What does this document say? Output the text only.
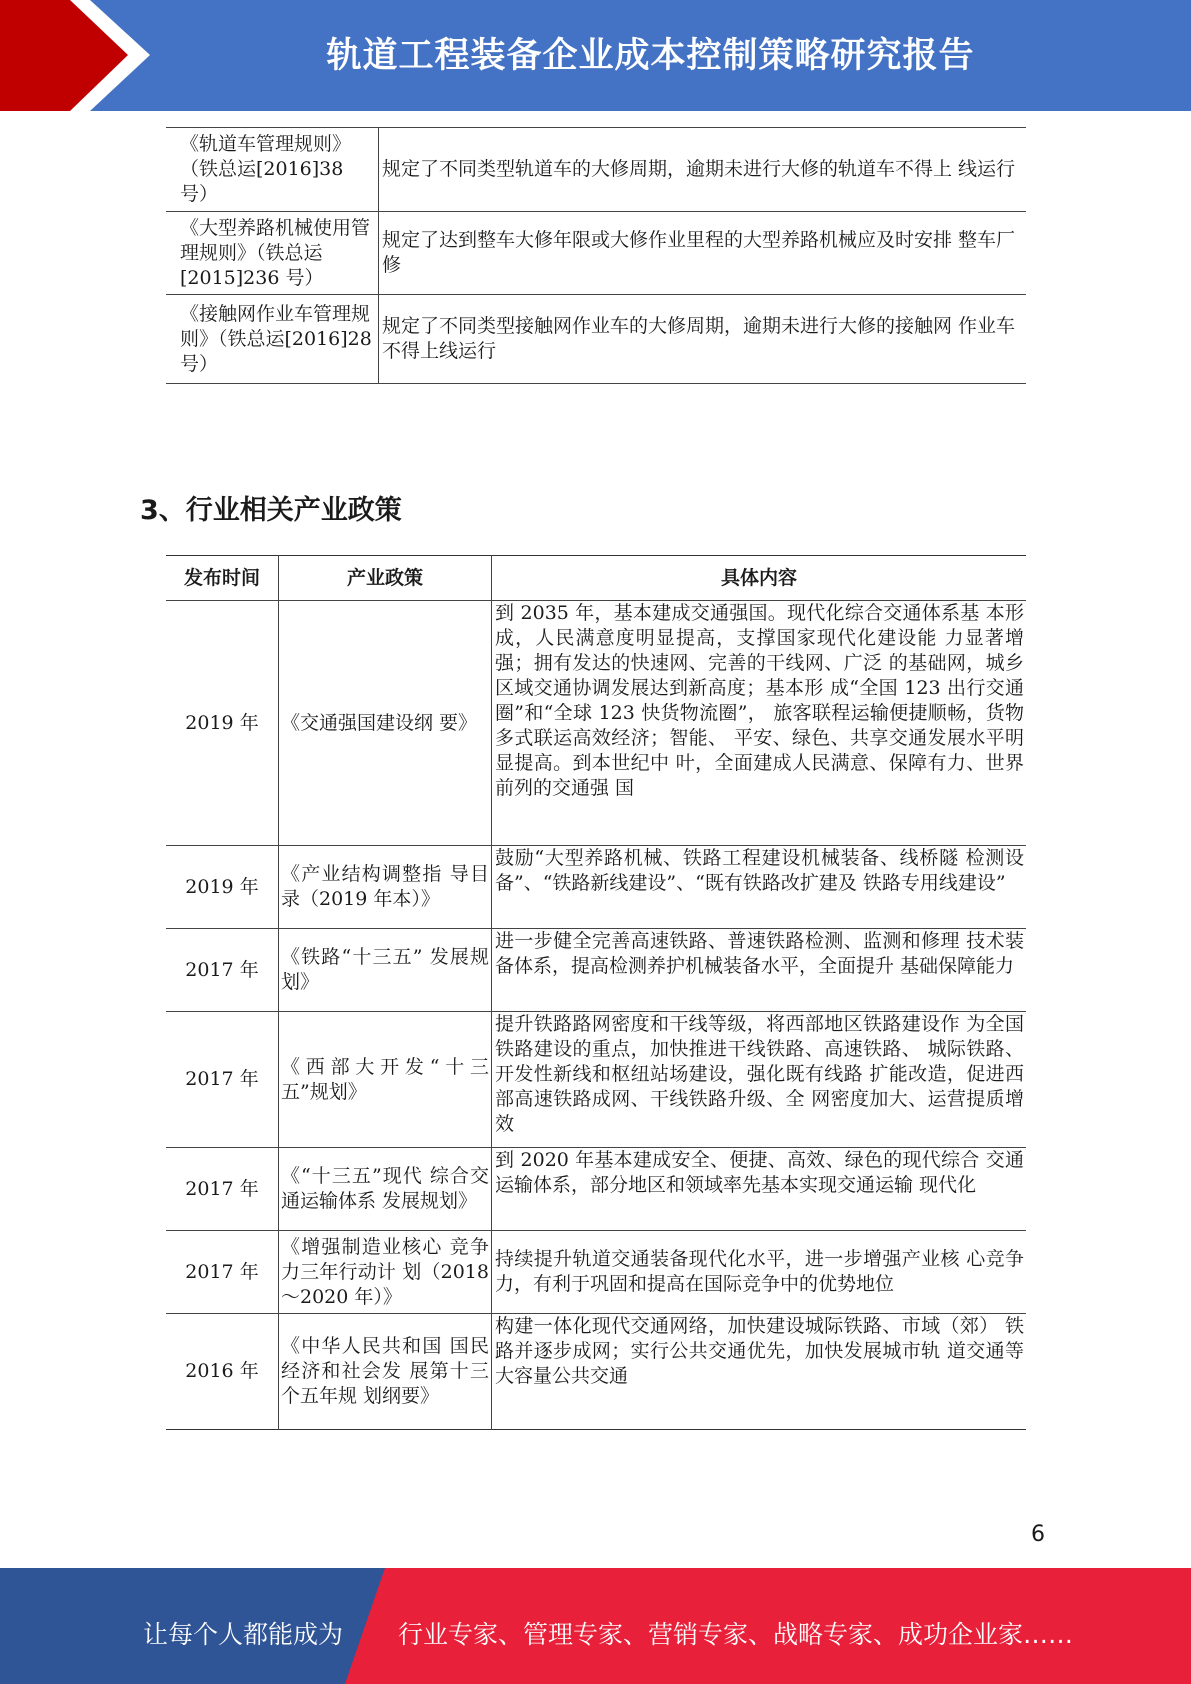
轨道工程装备企业成本控制策略研究报告
《轨道车管理规则》（铁总运[2016]38 号）	规定了不同类型轨道车的大修周期，逾期未进行大修的轨道车不得上 线运行
《大型养路机械使用管理规则》（铁总运[2015]236 号）	规定了达到整车大修年限或大修作业里程的大型养路机械应及时安排 整车厂修
《接触网作业车管理规则》（铁总运[2016]28 号）	规定了不同类型接触网作业车的大修周期，逾期未进行大修的接触网 作业车不得上线运行
3、行业相关产业政策
发布时间	产业政策	具体内容
2019 年	《交通强国建设纲 要》	到 2035 年，基本建成交通强国。现代化综合交通体系基 本形成，人民满意度明显提高，支撑国家现代化建设能 力显著增强；拥有发达的快速网、完善的干线网、广泛 的基础网，城乡区域交通协调发展达到新高度；基本形 成“全国 123 出行交通圈”和“全球 123 快货物流圈”， 旅客联程运输便捷顺畅，货物多式联运高效经济；智能、 平安、绿色、共享交通发展水平明显提高。到本世纪中 叶，全面建成人民满意、保障有力、世界前列的交通强 国
2019 年	《产业结构调整指 导目录（2019 年本）》	鼓励“大型养路机械、铁路工程建设机械装备、线桥隧 检测设备”、“铁路新线建设”、“既有铁路改扩建及 铁路专用线建设”
2017 年	《铁路“十三五” 发展规划》	进一步健全完善高速铁路、普速铁路检测、监测和修理 技术装备体系，提高检测养护机械装备水平，全面提升 基础保障能力
2017 年	《西部大开发“十三五”规划》	提升铁路路网密度和干线等级，将西部地区铁路建设作 为全国铁路建设的重点，加快推进干线铁路、高速铁路、 城际铁路、开发性新线和枢纽站场建设，强化既有线路 扩能改造，促进西部高速铁路成网、干线铁路升级、全 网密度加大、运营提质增效
2017 年	《“十三五”现代 综合交通运输体系 发展规划》	到 2020 年基本建成安全、便捷、高效、绿色的现代综合 交通运输体系，部分地区和领域率先基本实现交通运输 现代化
2017 年	《增强制造业核心 竞争力三年行动计 划（2018～2020 年）》	持续提升轨道交通装备现代化水平，进一步增强产业核 心竞争力，有利于巩固和提高在国际竞争中的优势地位
2016 年	《中华人民共和国 国民经济和社会发 展第十三个五年规 划纲要》	构建一体化现代交通网络，加快建设城际铁路、市域（郊） 铁路并逐步成网；实行公共交通优先，加快发展城市轨 道交通等大容量公共交通
6
让每个人都能成为 行业专家、管理专家、营销专家、战略专家、成功企业家……
